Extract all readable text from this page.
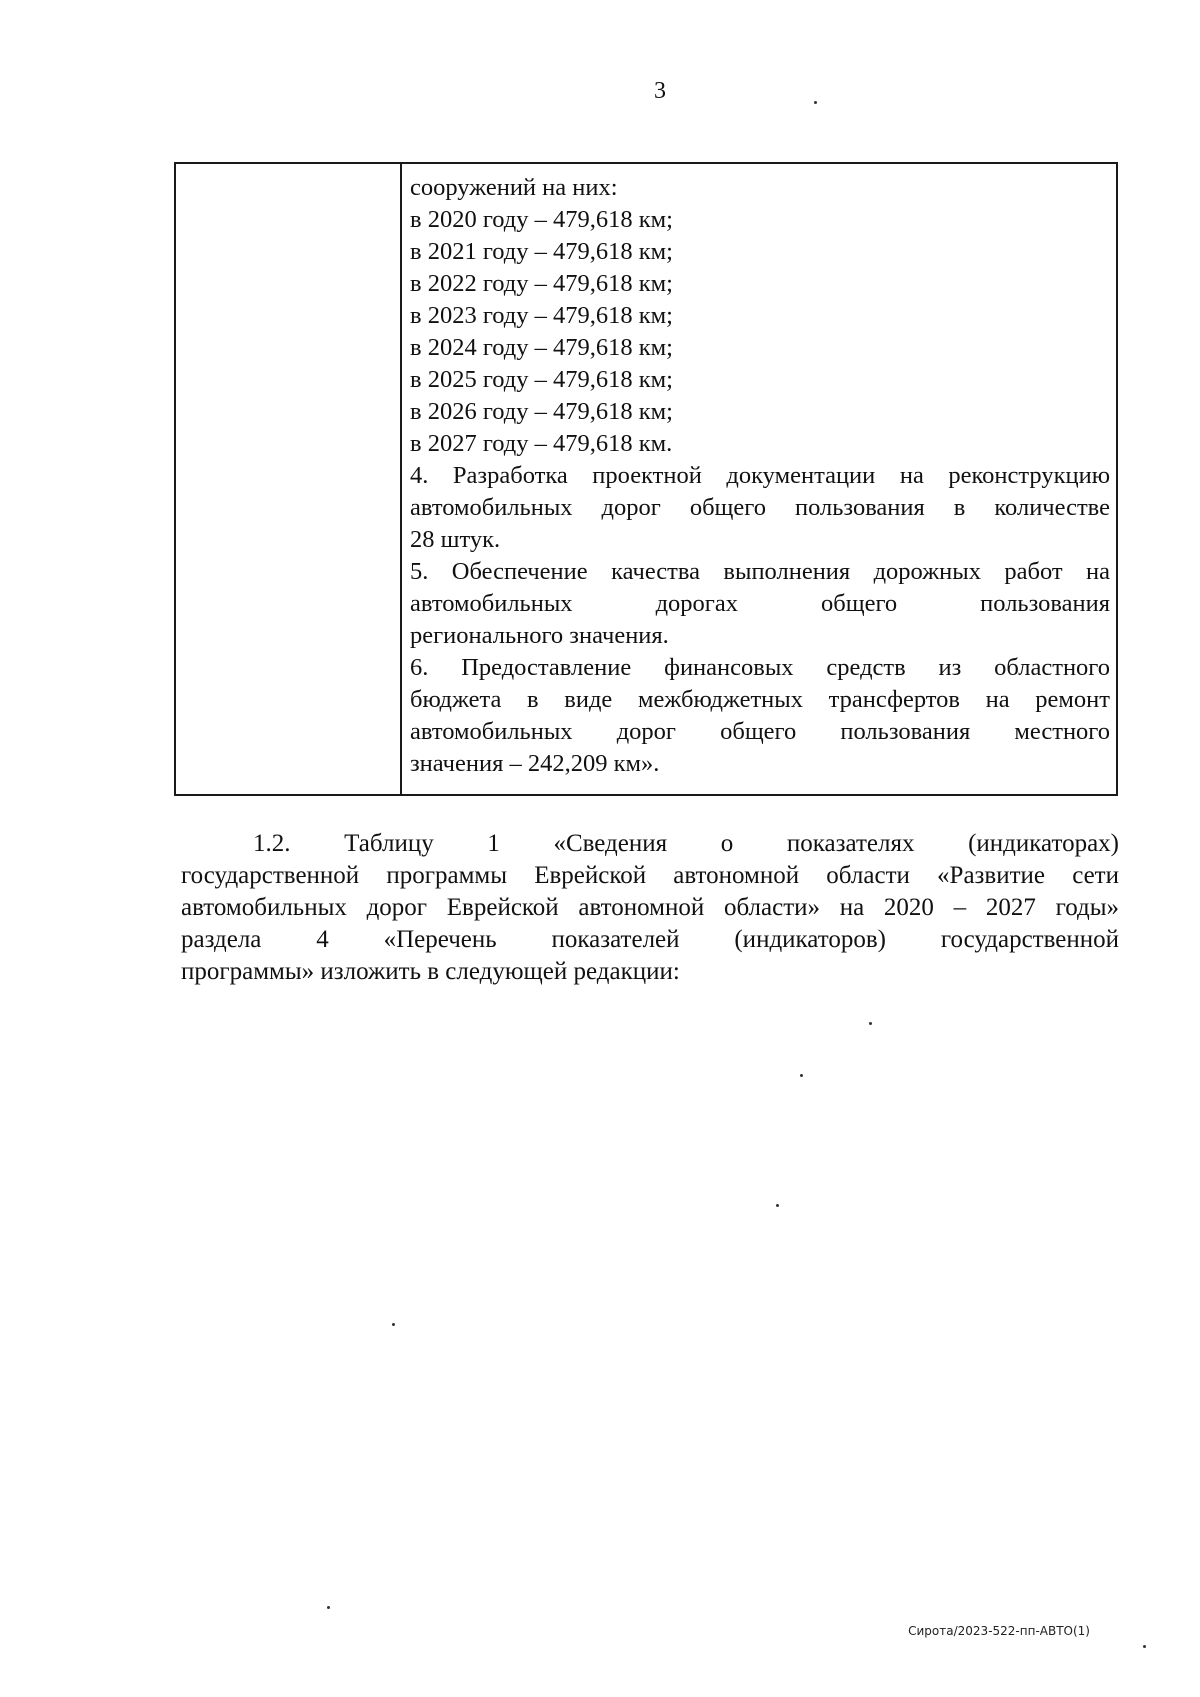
3
сооружений на них:
в 2020 году – 479,618 км;
в 2021 году – 479,618 км;
в 2022 году – 479,618 км;
в 2023 году – 479,618 км;
в 2024 году – 479,618 км;
в 2025 году – 479,618 км;
в 2026 году – 479,618 км;
в 2027 году – 479,618 км.
4. Разработка проектной документации на реконструкцию
автомобильных дорог общего пользования в количестве
28 штук.
5. Обеспечение качества выполнения дорожных работ на
автомобильных дорогах общего пользования
регионального значения.
6. Предоставление финансовых средств из областного
бюджета в виде межбюджетных трансфертов на ремонт
автомобильных дорог общего пользования местного
значения – 242,209 км».
1.2. Таблицу 1 «Сведения о показателях (индикаторах)
государственной программы Еврейской автономной области «Развитие сети
автомобильных дорог Еврейской автономной области» на 2020 – 2027 годы»
раздела 4 «Перечень показателей (индикаторов) государственной
программы» изложить в следующей редакции:
Сирота/2023-522-пп-АВТО(1)
